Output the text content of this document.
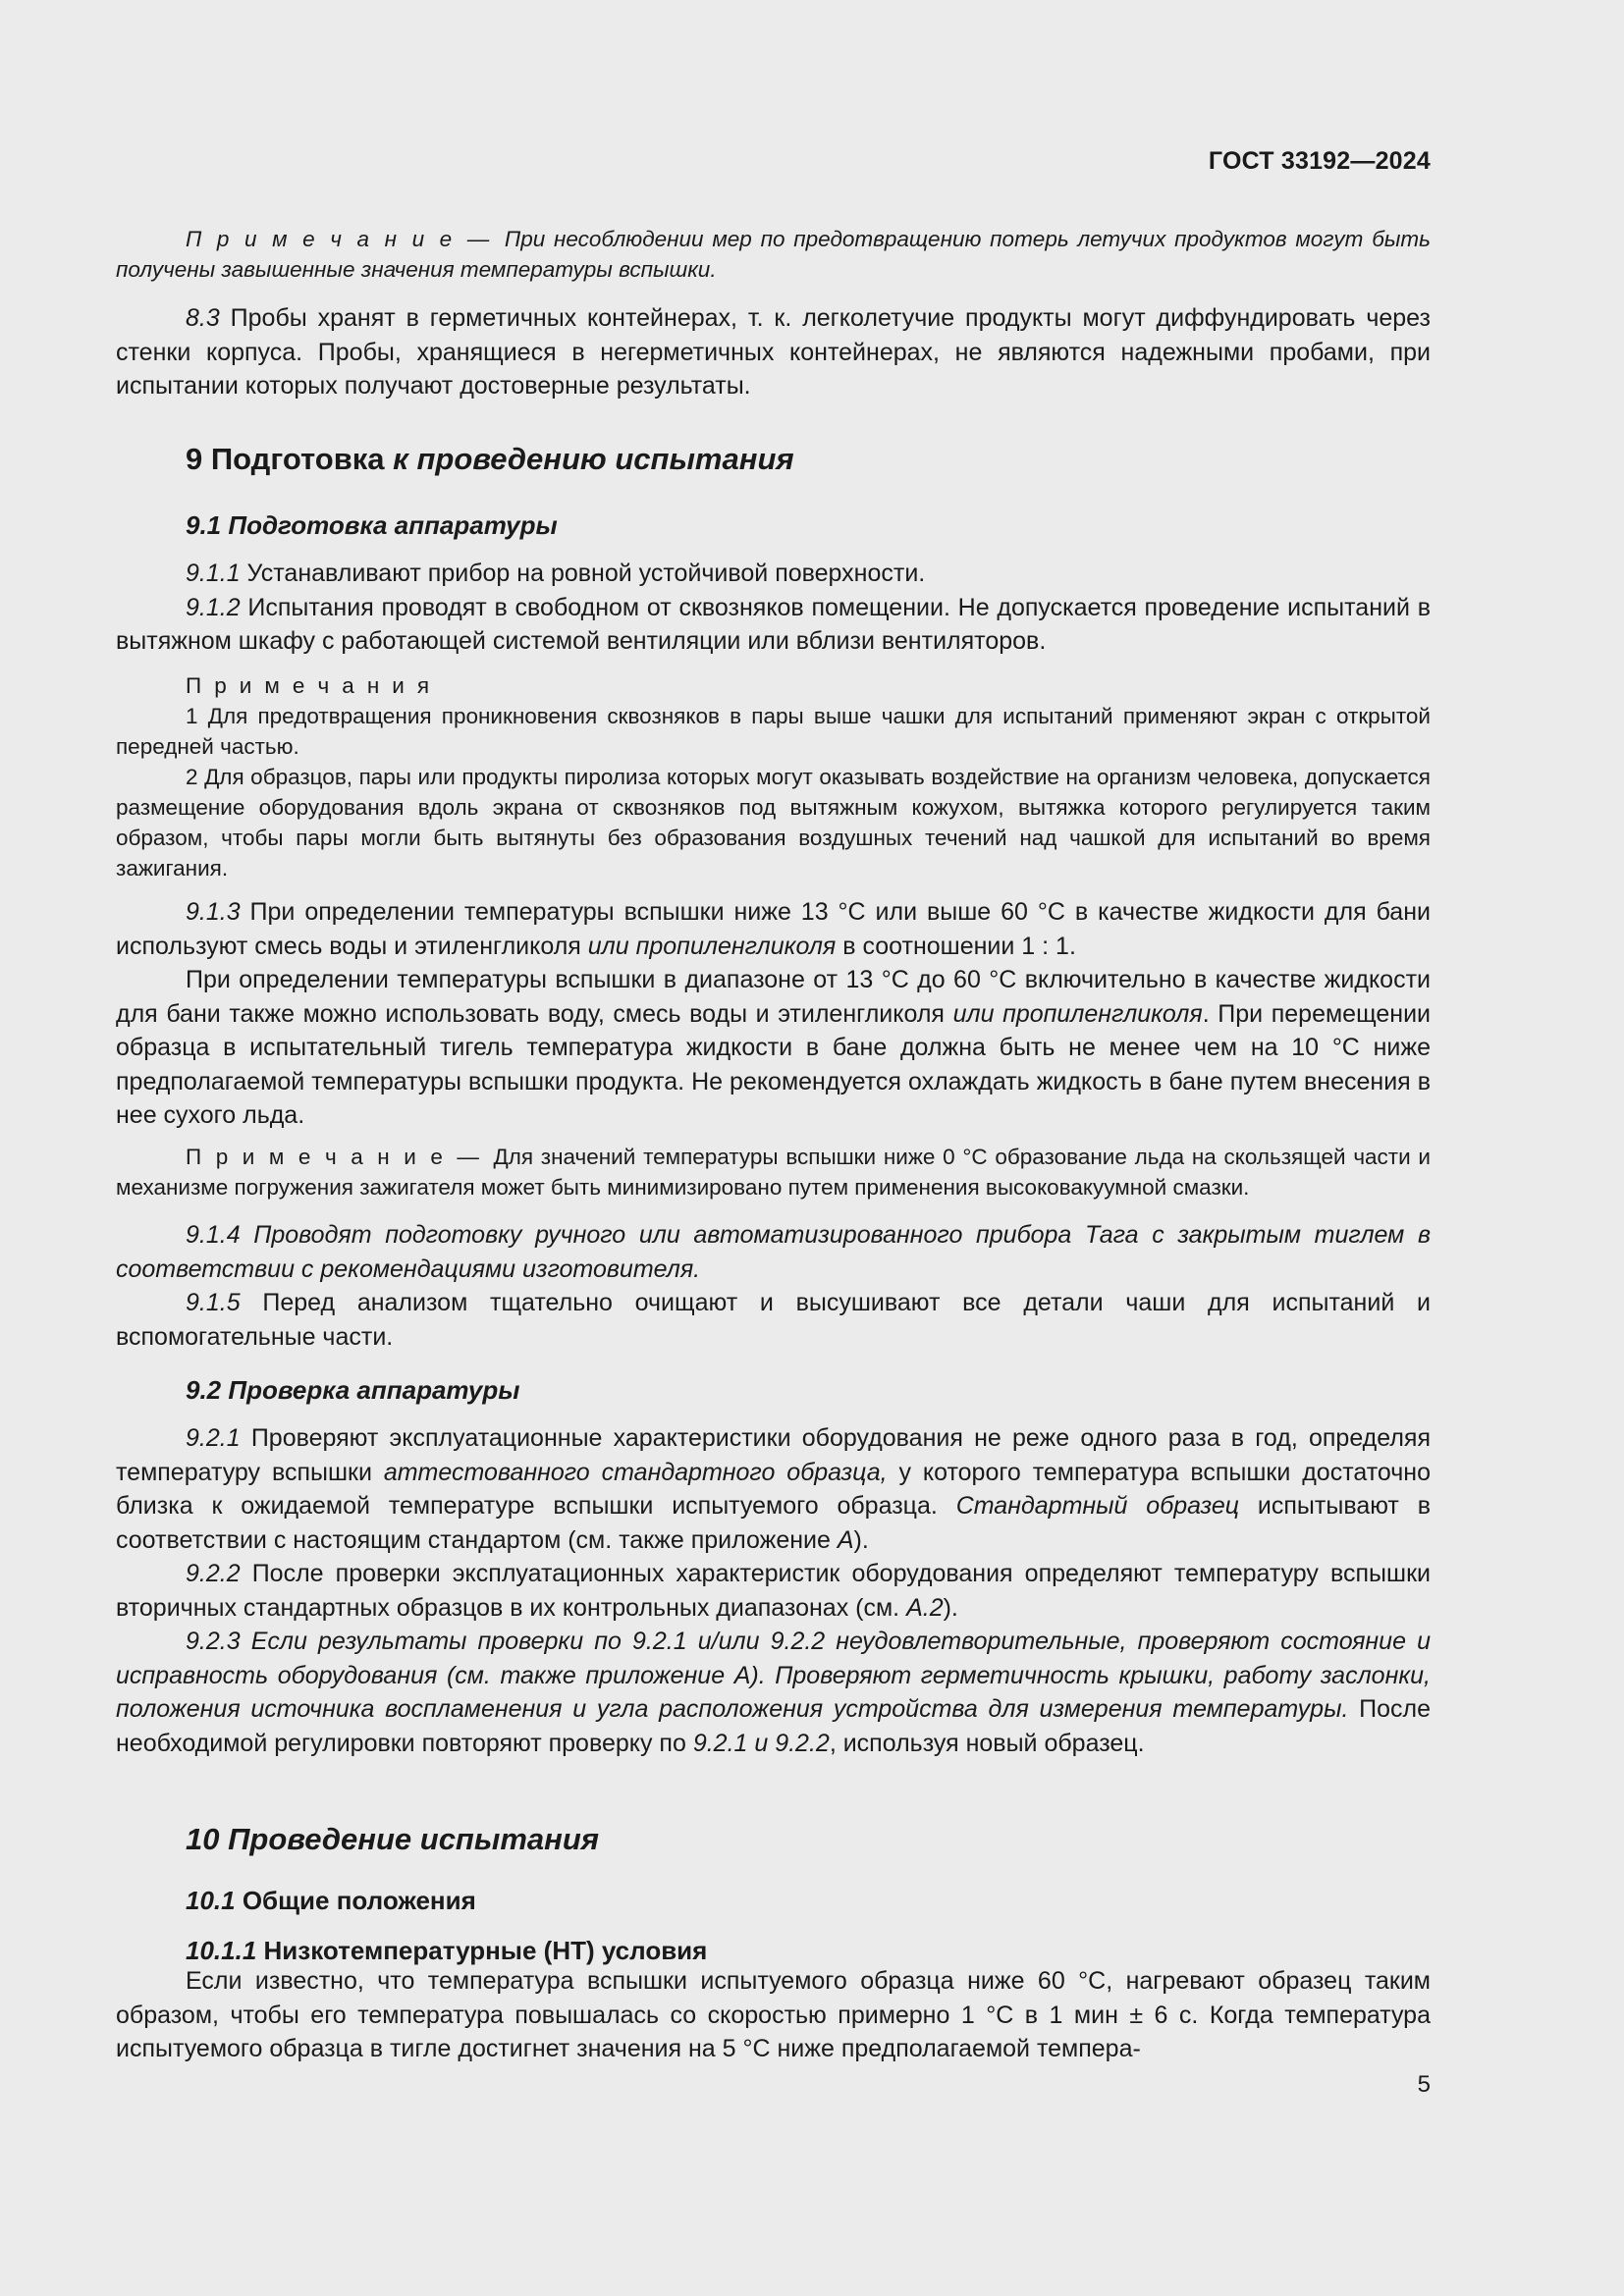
ГОСТ 33192—2024

П р и м е ч а н и е — При несоблюдении мер по предотвращению потерь летучих продуктов могут быть получены завышенные значения температуры вспышки.

8.3 Пробы хранят в герметичных контейнерах, т. к. легколетучие продукты могут диффундировать через стенки корпуса. Пробы, хранящиеся в негерметичных контейнерах, не являются надежными пробами, при испытании которых получают достоверные результаты.

9 Подготовка к проведению испытания

9.1 Подготовка аппаратуры

9.1.1 Устанавливают прибор на ровной устойчивой поверхности.

9.1.2 Испытания проводят в свободном от сквозняков помещении. Не допускается проведение испытаний в вытяжном шкафу с работающей системой вентиляции или вблизи вентиляторов.

П р и м е ч а н и я

1 Для предотвращения проникновения сквозняков в пары выше чашки для испытаний применяют экран с открытой передней частью.

2 Для образцов, пары или продукты пиролиза которых могут оказывать воздействие на организм человека, допускается размещение оборудования вдоль экрана от сквозняков под вытяжным кожухом, вытяжка которого регулируется таким образом, чтобы пары могли быть вытянуты без образования воздушных течений над чашкой для испытаний во время зажигания.

9.1.3 При определении температуры вспышки ниже 13 °С или выше 60 °С в качестве жидкости для бани используют смесь воды и этиленгликоля или пропиленгликоля в соотношении 1 : 1.

При определении температуры вспышки в диапазоне от 13 °С до 60 °С включительно в качестве жидкости для бани также можно использовать воду, смесь воды и этиленгликоля или пропиленгликоля. При перемещении образца в испытательный тигель температура жидкости в бане должна быть не менее чем на 10 °С ниже предполагаемой температуры вспышки продукта. Не рекомендуется охлаждать жидкость в бане путем внесения в нее сухого льда.

П р и м е ч а н и е — Для значений температуры вспышки ниже 0 °С образование льда на скользящей части и механизме погружения зажигателя может быть минимизировано путем применения высоковакуумной смазки.

9.1.4 Проводят подготовку ручного или автоматизированного прибора Тага с закрытым тиглем в соответствии с рекомендациями изготовителя.

9.1.5 Перед анализом тщательно очищают и высушивают все детали чаши для испытаний и вспомогательные части.

9.2 Проверка аппаратуры

9.2.1 Проверяют эксплуатационные характеристики оборудования не реже одного раза в год, определяя температуру вспышки аттестованного стандартного образца, у которого температура вспышки достаточно близка к ожидаемой температуре вспышки испытуемого образца. Стандартный образец испытывают в соответствии с настоящим стандартом (см. также приложение А).

9.2.2 После проверки эксплуатационных характеристик оборудования определяют температуру вспышки вторичных стандартных образцов в их контрольных диапазонах (см. А.2).

9.2.3 Если результаты проверки по 9.2.1 и/или 9.2.2 неудовлетворительные, проверяют состояние и исправность оборудования (см. также приложение А). Проверяют герметичность крышки, работу заслонки, положения источника воспламенения и угла расположения устройства для измерения температуры. После необходимой регулировки повторяют проверку по 9.2.1 и 9.2.2, используя новый образец.

10 Проведение испытания

10.1 Общие положения

10.1.1 Низкотемпературные (НТ) условия

Если известно, что температура вспышки испытуемого образца ниже 60 °С, нагревают образец таким образом, чтобы его температура повышалась со скоростью примерно 1 °С в 1 мин ± 6 с. Когда температура испытуемого образца в тигле достигнет значения на 5 °С ниже предполагаемой темпера-

5
